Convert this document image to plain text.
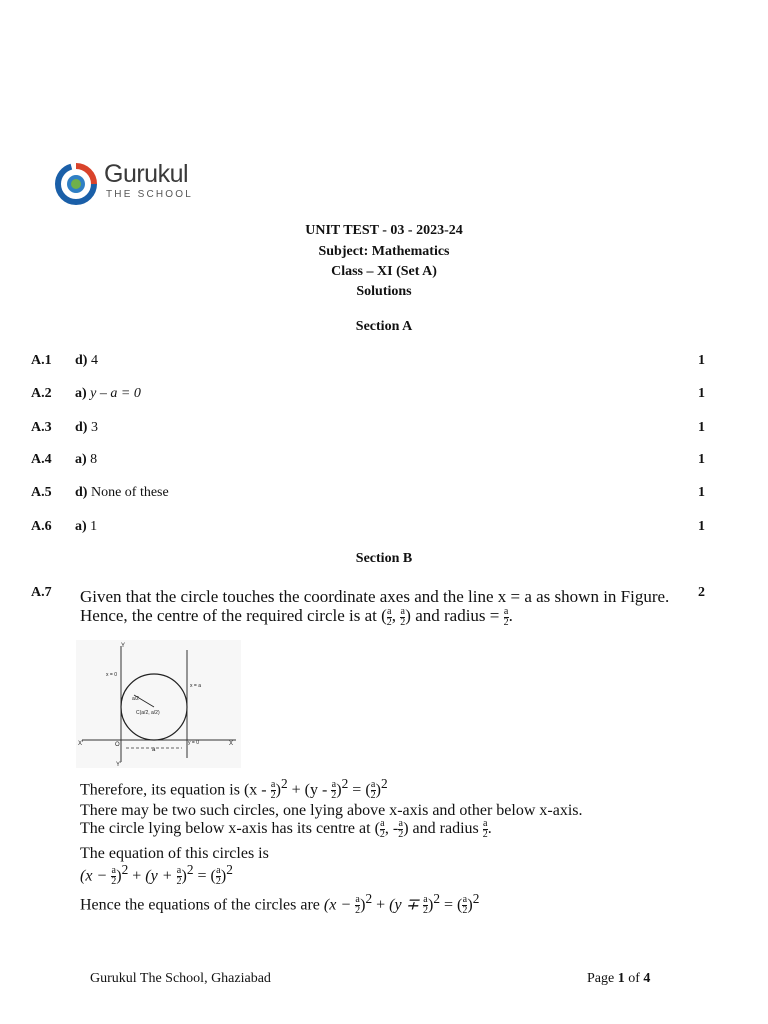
Gurukul
THE SCHOOL
UNIT TEST - 03 - 2023-24
Subject: Mathematics
Class – XI (Set A)
Solutions
Section A
A.1 d) 4	1
A.2 a) y – a = 0	1
A.3 d) 3	1
A.4 a) 8	1
A.5 d) None of these	1
A.6 a) 1	1
Section B
A.7	2
Given that the circle touches the coordinate axes and the line x = a as shown in Figure.
Hence, the centre of the required circle is at ( $\frac{a}{2}$ , $\frac{a}{2}$ ) and radius = $\frac{a}{2}$ .
Y
Y'
X
X'	O
x = 0
x = a
y = 0
a/2
C(a/2, a/2)
a
Therefore, its equation is $(x - \frac{a}{2} )^2 + (y - \frac{a}{2} )^2$ = ( $\frac{a}{2} )^2$
There may be two such circles, one lying above x-axis and other below x-axis.
The circle lying below x-axis has its centre at ( $\frac{a}{2}$ , - $\frac{a}{2}$ ) and radius $\frac{a}{2}$ .
The equation of this circles is
$(x - \frac{a}{2} )^2 + (y + \frac{a}{2} )^2$ = ( $\frac{a}{2} )^2$
Hence the equations of the circles are $(x - \frac{a}{2} )^2 + (y \mp \frac{a}{2} )^2$ = ( $\frac{a}{2} )^2$
Gurukul The School, Ghaziabad	Page 1 of 4
